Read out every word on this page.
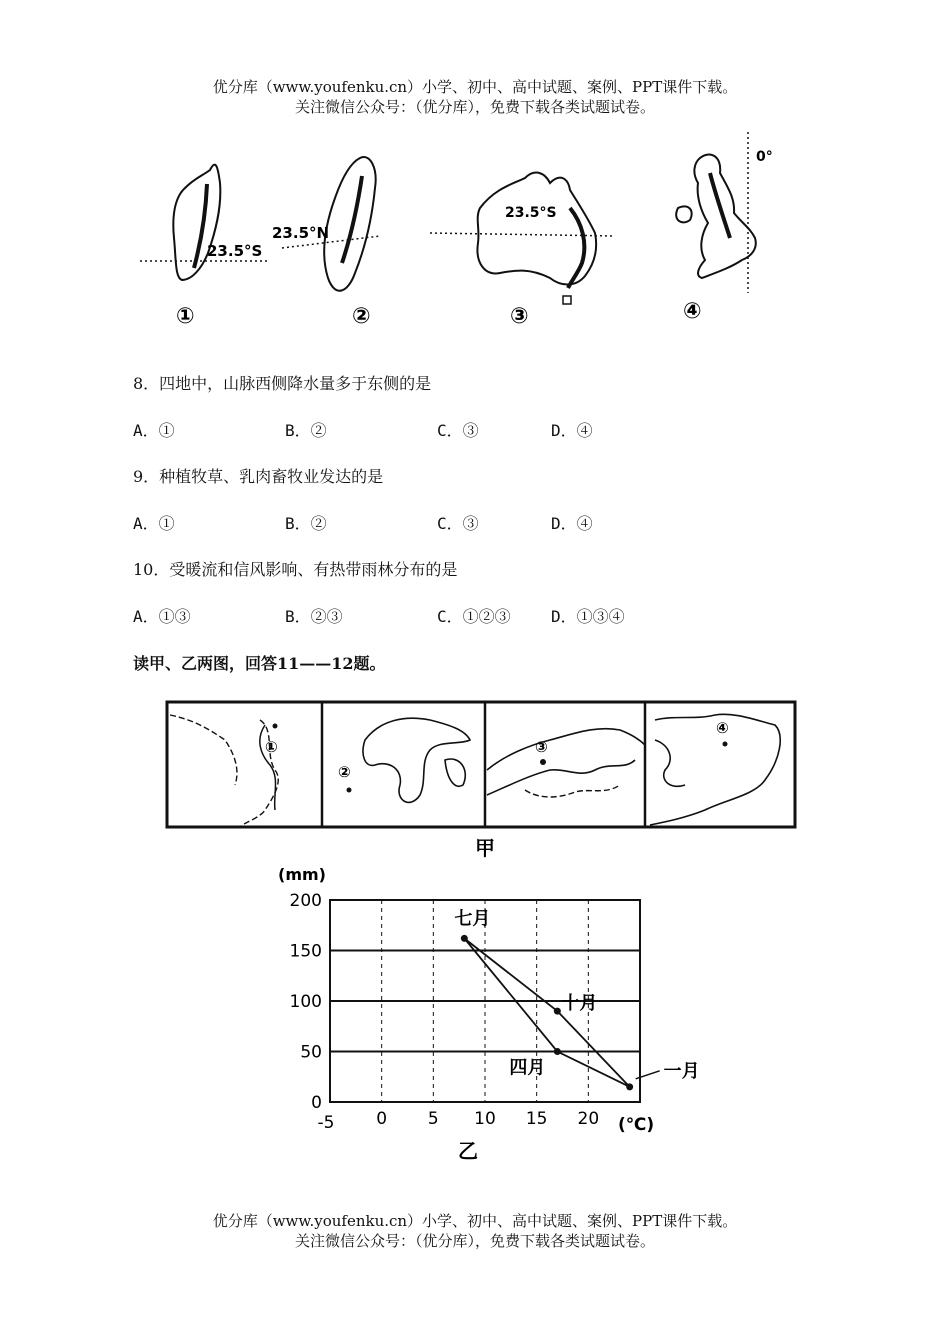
优分库（www.youfenku.cn）小学、初中、高中试题、案例、PPT课件下载。
关注微信公众号：（优分库），免费下载各类试题试卷。
23.5°S
①
23.5°N
②
23.5°S
③
0°
④
8．四地中，山脉西侧降水量多于东侧的是
A．①	B．②	C．③	D．④
9．种植牧草、乳肉畜牧业发达的是
A．①	B．②	C．③	D．④
10．受暖流和信风影响、有热带雨林分布的是
A．①③	B．②③	C．①②③	D．①③④
读甲、乙两图，回答11——12题。
①
②
③
④
甲
0
50
100
150
200
-5 0 5 10 15 20
七月
十月
一月
四月
(mm)
(℃)
乙
优分库（www.youfenku.cn）小学、初中、高中试题、案例、PPT课件下载。
关注微信公众号：（优分库），免费下载各类试题试卷。
